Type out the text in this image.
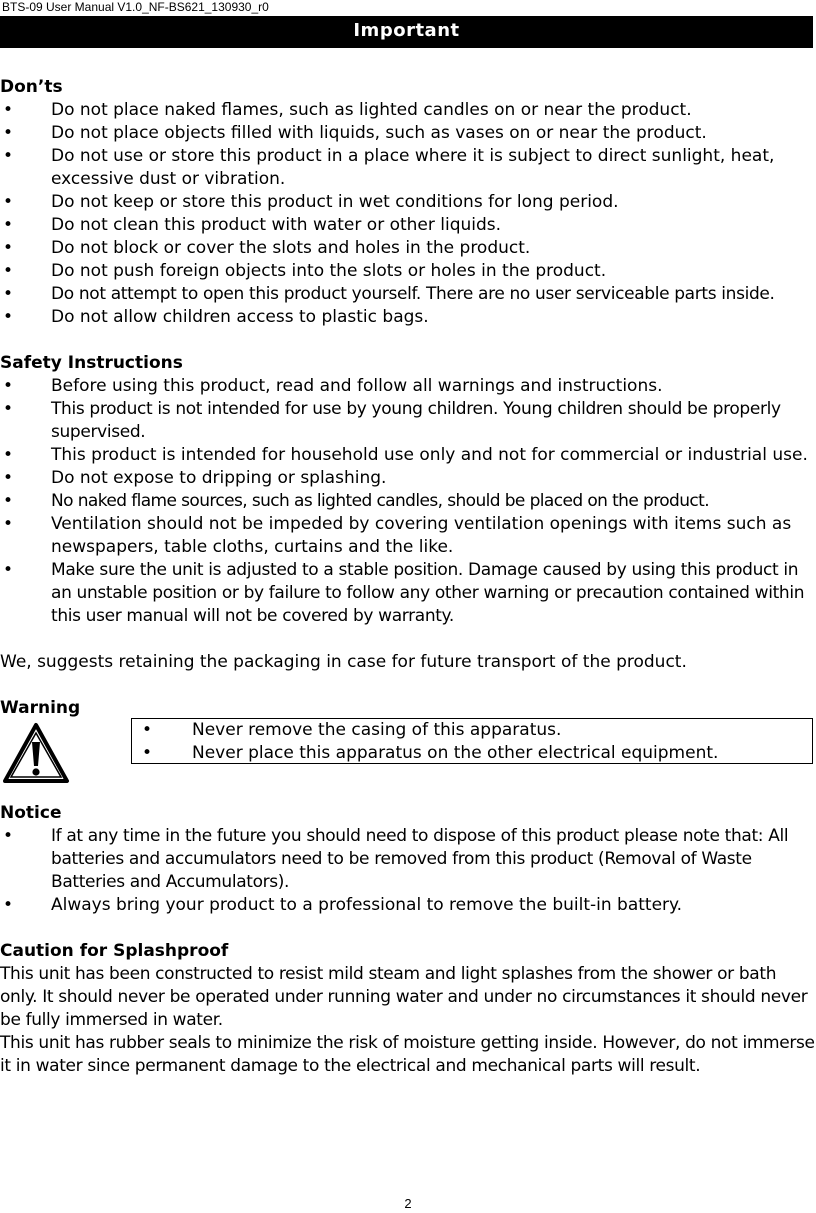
BTS-09 User Manual V1.0_NF-BS621_130930_r0
Important
Don’ts
• Do not place naked flames, such as lighted candles on or near the product.
• Do not place objects filled with liquids, such as vases on or near the product.
• Do not use or store this product in a place where it is subject to direct sunlight, heat, excessive dust or vibration.
• Do not keep or store this product in wet conditions for long period.
• Do not clean this product with water or other liquids.
• Do not block or cover the slots and holes in the product.
• Do not push foreign objects into the slots or holes in the product.
• Do not attempt to open this product yourself. There are no user serviceable parts inside.
• Do not allow children access to plastic bags.
Safety Instructions
• Before using this product, read and follow all warnings and instructions.
• This product is not intended for use by young children. Young children should be properly supervised.
• This product is intended for household use only and not for commercial or industrial use.
• Do not expose to dripping or splashing.
• No naked flame sources, such as lighted candles, should be placed on the product.
• Ventilation should not be impeded by covering ventilation openings with items such as newspapers, table cloths, curtains and the like.
• Make sure the unit is adjusted to a stable position. Damage caused by using this product in an unstable position or by failure to follow any other warning or precaution contained within this user manual will not be covered by warranty.

We, suggests retaining the packaging in case for future transport of the product.

Warning
• Never remove the casing of this apparatus.
• Never place this apparatus on the other electrical equipment.
Notice
• If at any time in the future you should need to dispose of this product please note that: All batteries and accumulators need to be removed from this product (Removal of Waste Batteries and Accumulators).
• Always bring your product to a professional to remove the built-in battery.
Caution for Splashproof

This unit has been constructed to resist mild steam and light splashes from the shower or bath only. It should never be operated under running water and under no circumstances it should never be fully immersed in water.

This unit has rubber seals to minimize the risk of moisture getting inside. However, do not immerse it in water since permanent damage to the electrical and mechanical parts will result.

2
